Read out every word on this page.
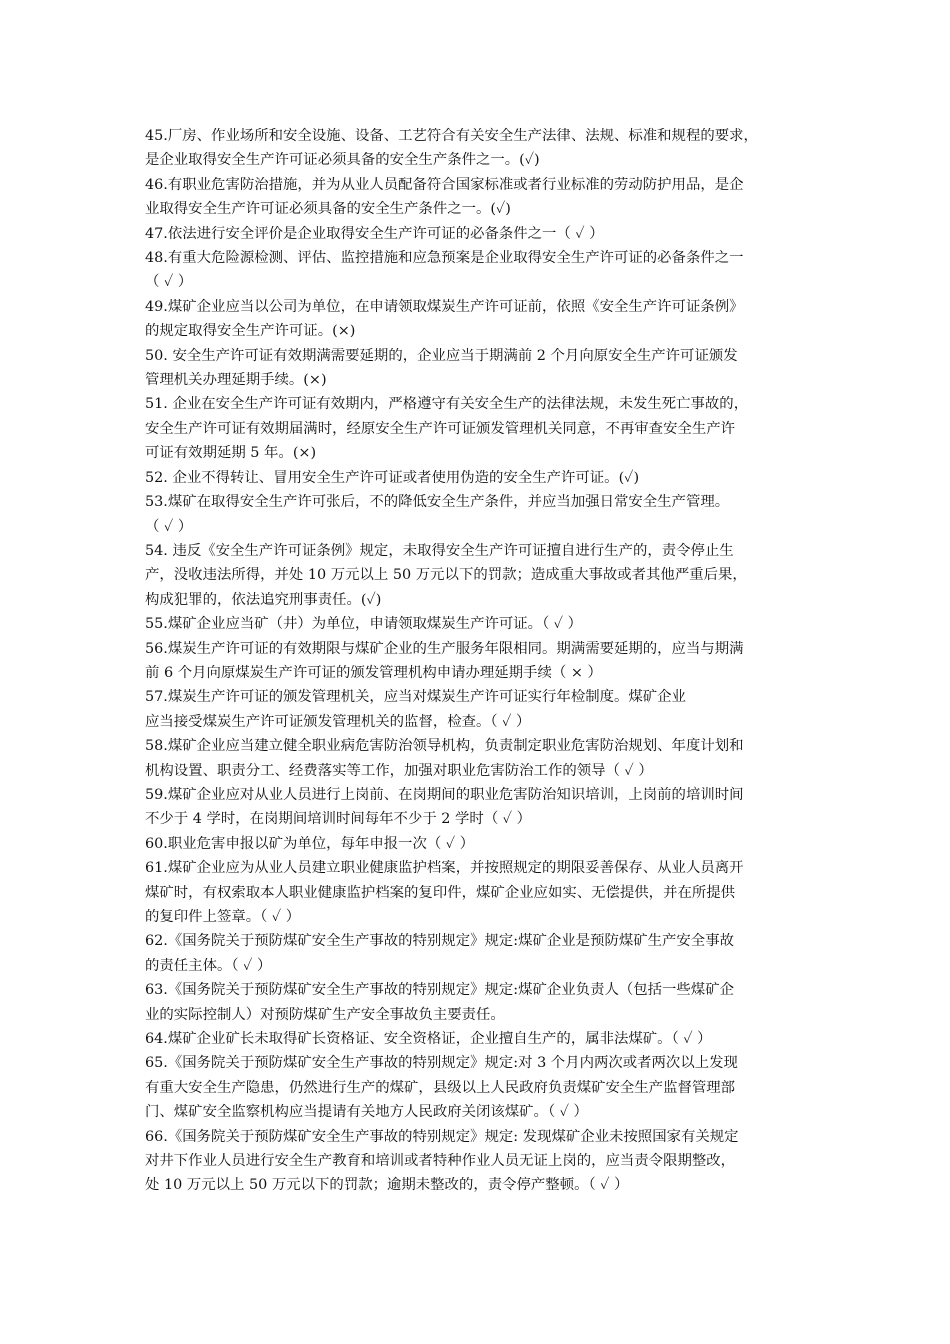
45.厂房、作业场所和安全设施、设备、工艺符合有关安全生产法律、法规、标准和规程的要求，
是企业取得安全生产许可证必须具备的安全生产条件之一。(✓)

46.有职业危害防治措施，并为从业人员配备符合国家标准或者行业标准的劳动防护用品，是企
业取得安全生产许可证必须具备的安全生产条件之一。(✓)

47.依法进行安全评价是企业取得安全生产许可证的必备条件之一（ ✓ ）

48.有重大危险源检测、评估、监控措施和应急预案是企业取得安全生产许可证的必备条件之一
（ ✓ ）

49.煤矿企业应当以公司为单位，在申请领取煤炭生产许可证前，依照《安全生产许可证条例》
的规定取得安全生产许可证。(×)

50. 安全生产许可证有效期满需要延期的，企业应当于期满前 2 个月向原安全生产许可证颁发
管理机关办理延期手续。(×)

51. 企业在安全生产许可证有效期内，严格遵守有关安全生产的法律法规，未发生死亡事故的，
安全生产许可证有效期届满时，经原安全生产许可证颁发管理机关同意，不再审查安全生产许
可证有效期延期 5 年。(×)

52. 企业不得转让、冒用安全生产许可证或者使用伪造的安全生产许可证。(✓)

53.煤矿在取得安全生产许可张后，不的降低安全生产条件，并应当加强日常安全生产管理。
（ ✓ ）

54. 违反《安全生产许可证条例》规定，未取得安全生产许可证擅自进行生产的，责令停止生
产，没收违法所得，并处 10 万元以上 50 万元以下的罚款；造成重大事故或者其他严重后果，
构成犯罪的，依法追究刑事责任。(✓)

55.煤矿企业应当矿（井）为单位，申请领取煤炭生产许可证。（ ✓ ）

56.煤炭生产许可证的有效期限与煤矿企业的生产服务年限相同。期满需要延期的，应当与期满
前 6 个月向原煤炭生产许可证的颁发管理机构申请办理延期手续（ × ）

57.煤炭生产许可证的颁发管理机关，应当对煤炭生产许可证实行年检制度。煤矿企业
应当接受煤炭生产许可证颁发管理机关的监督，检查。（ ✓ ）

58.煤矿企业应当建立健全职业病危害防治领导机构，负责制定职业危害防治规划、年度计划和
机构设置、职责分工、经费落实等工作，加强对职业危害防治工作的领导（ ✓ ）

59.煤矿企业应对从业人员进行上岗前、在岗期间的职业危害防治知识培训，上岗前的培训时间
不少于 4 学时，在岗期间培训时间每年不少于 2 学时（ ✓ ）

60.职业危害申报以矿为单位，每年申报一次（ ✓ ）

61.煤矿企业应为从业人员建立职业健康监护档案，并按照规定的期限妥善保存、从业人员离开
煤矿时，有权索取本人职业健康监护档案的复印件，煤矿企业应如实、无偿提供，并在所提供
的复印件上签章。（ ✓ ）

62.《国务院关于预防煤矿安全生产事故的特别规定》规定:煤矿企业是预防煤矿生产安全事故
的责任主体。（ ✓ ）

63.《国务院关于预防煤矿安全生产事故的特别规定》规定:煤矿企业负责人（包括一些煤矿企
业的实际控制人）对预防煤矿生产安全事故负主要责任。

64.煤矿企业矿长未取得矿长资格证、安全资格证，企业擅自生产的，属非法煤矿。（ ✓ ）

65.《国务院关于预防煤矿安全生产事故的特别规定》规定:对 3 个月内两次或者两次以上发现
有重大安全生产隐患，仍然进行生产的煤矿，县级以上人民政府负责煤矿安全生产监督管理部
门、煤矿安全监察机构应当提请有关地方人民政府关闭该煤矿。（ ✓ ）

66.《国务院关于预防煤矿安全生产事故的特别规定》规定: 发现煤矿企业未按照国家有关规定
对井下作业人员进行安全生产教育和培训或者特种作业人员无证上岗的，应当责令限期整改，
处 10 万元以上 50 万元以下的罚款；逾期未整改的，责令停产整顿。（ ✓ ）
